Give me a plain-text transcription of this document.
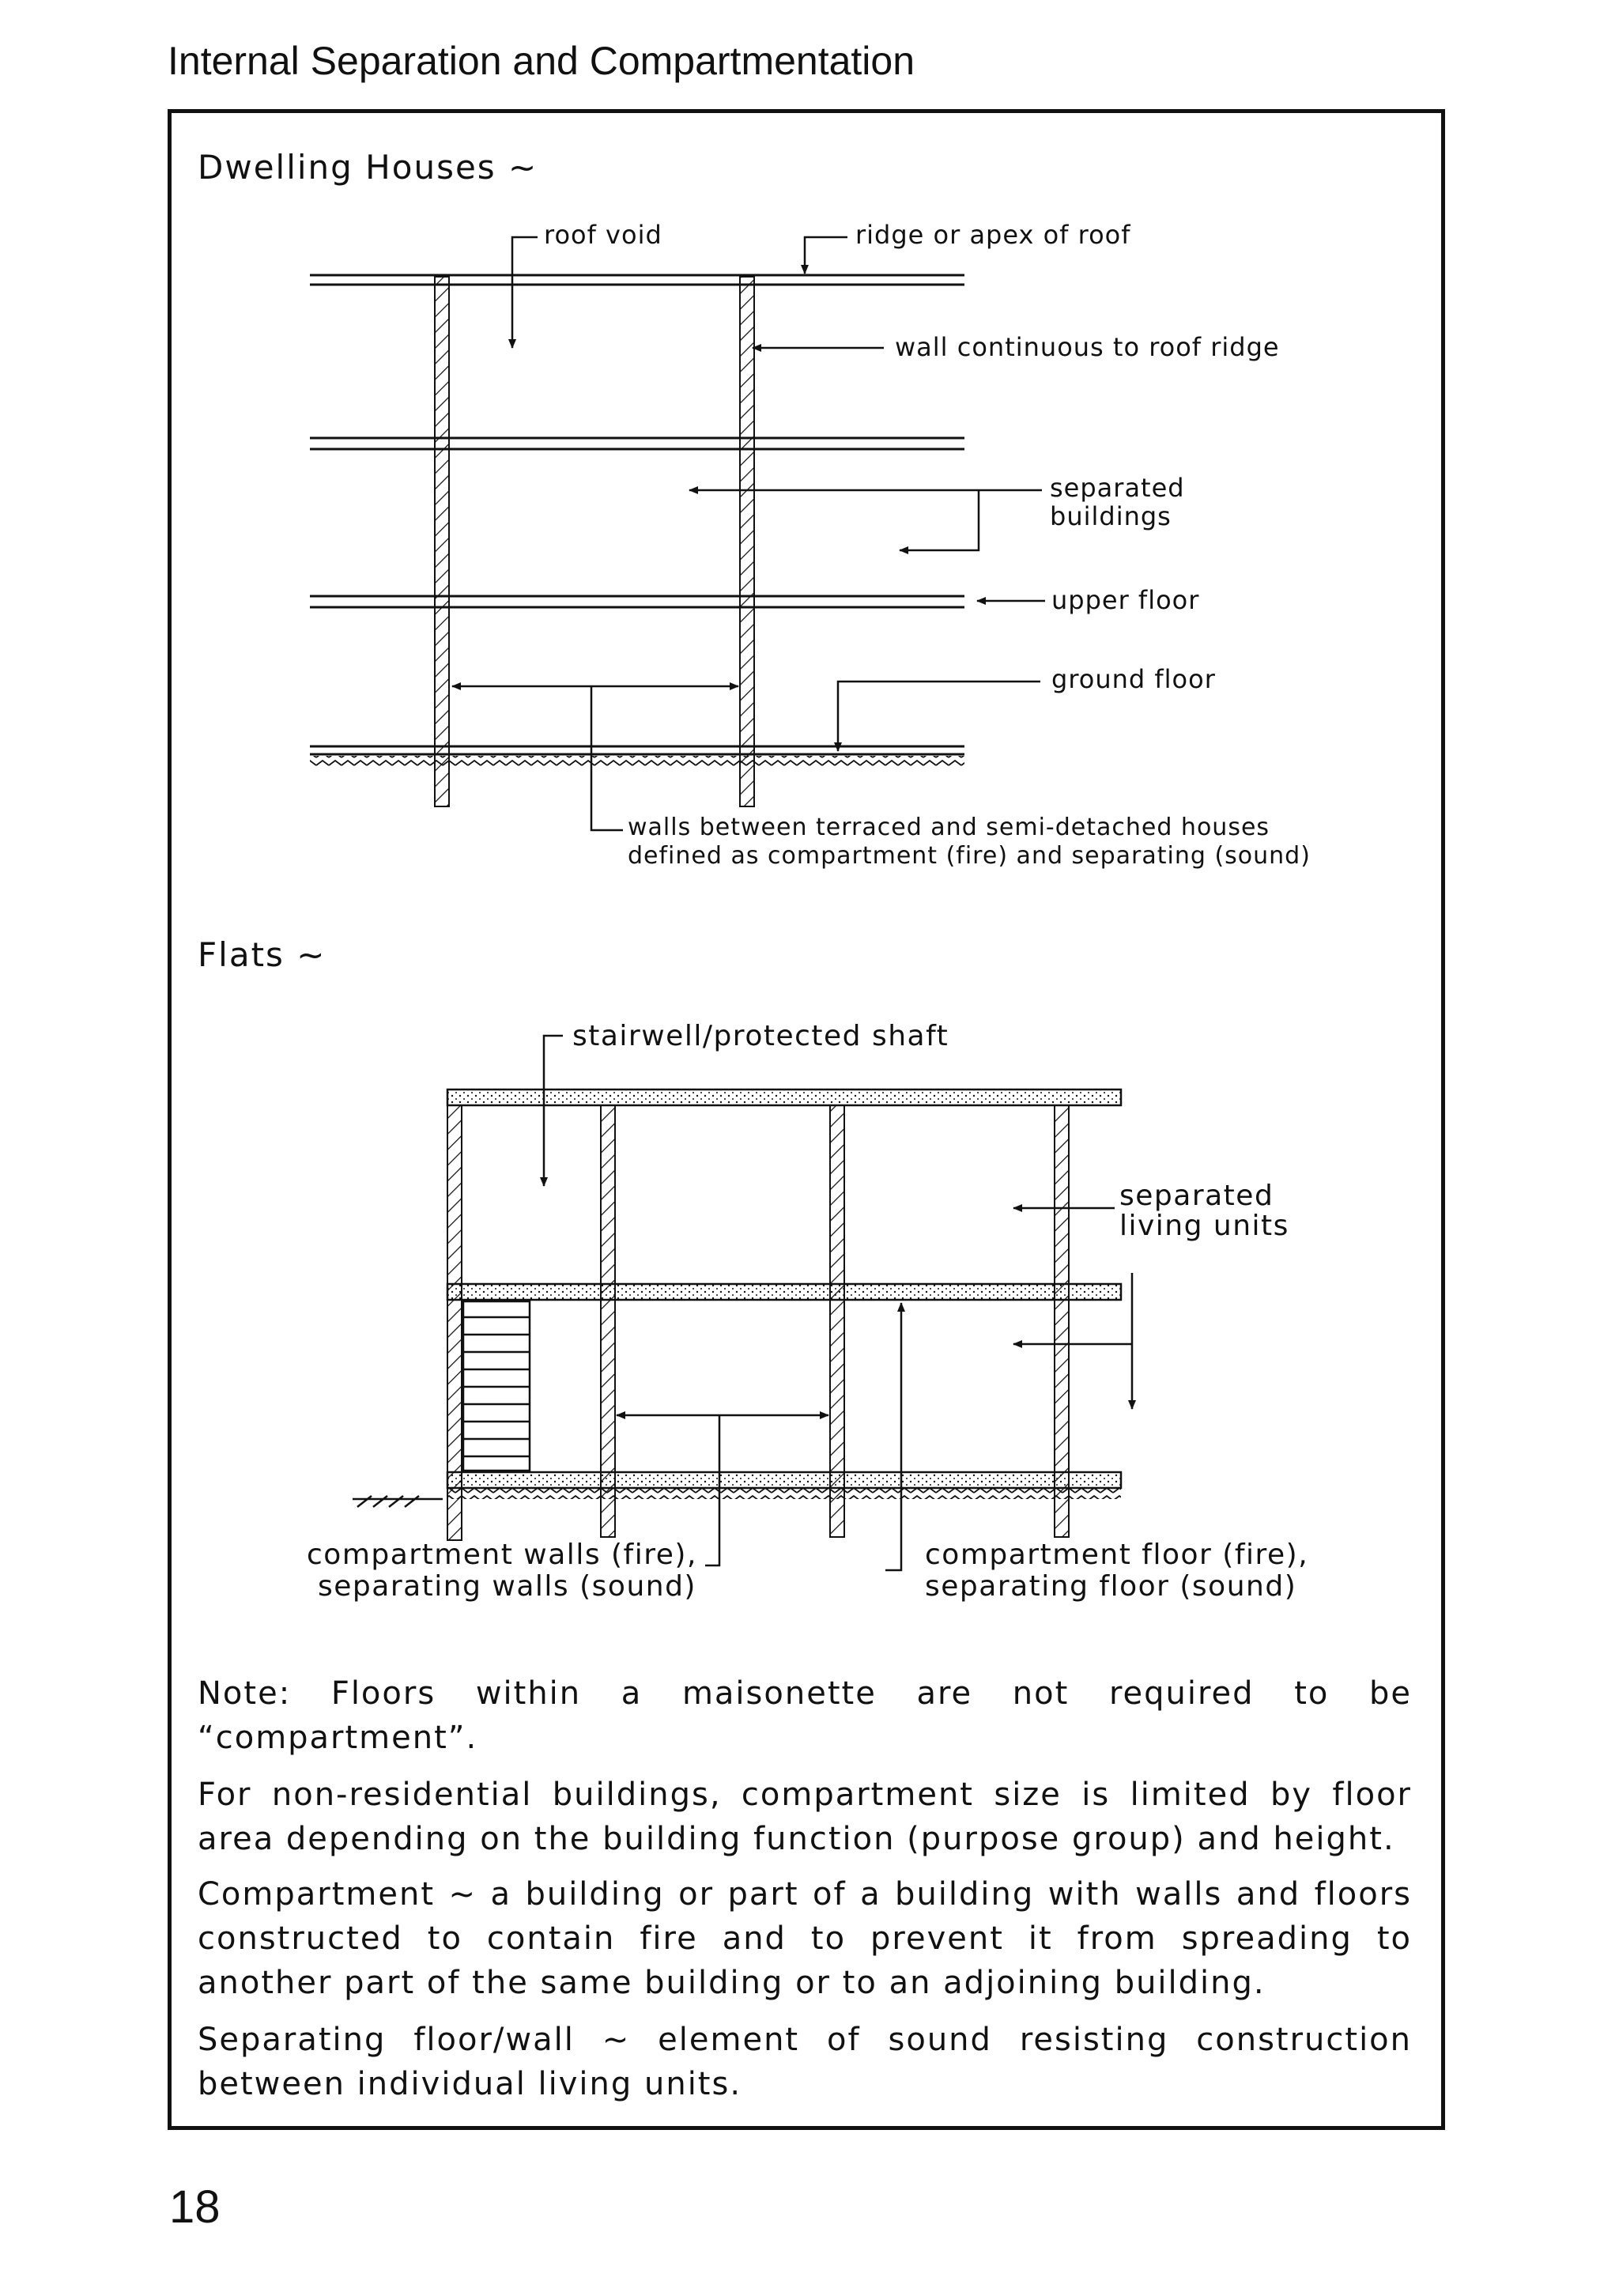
Internal Separation and Compartmentation
Dwelling Houses ~
roof void	ridge or apex of roof
wall continuous to roof ridge
separated
buildings
upper floor
ground floor
walls between terraced and semi-detached houses
defined as compartment (fire) and separating (sound)
Flats ~
stairwell/protected shaft
separated
living units
compartment walls (fire),
separating walls (sound)
compartment floor (fire),
separating floor (sound)

Note: Floors within a maisonette are not required to be “compartment”.

For non-residential buildings, compartment size is limited by floor area depending on the building function (purpose group) and height.

Compartment ~ a building or part of a building with walls and floors constructed to contain fire and to prevent it from spreading to another part of the same building or to an adjoining building.

Separating floor/wall ~ element of sound resisting construction between individual living units.

18
